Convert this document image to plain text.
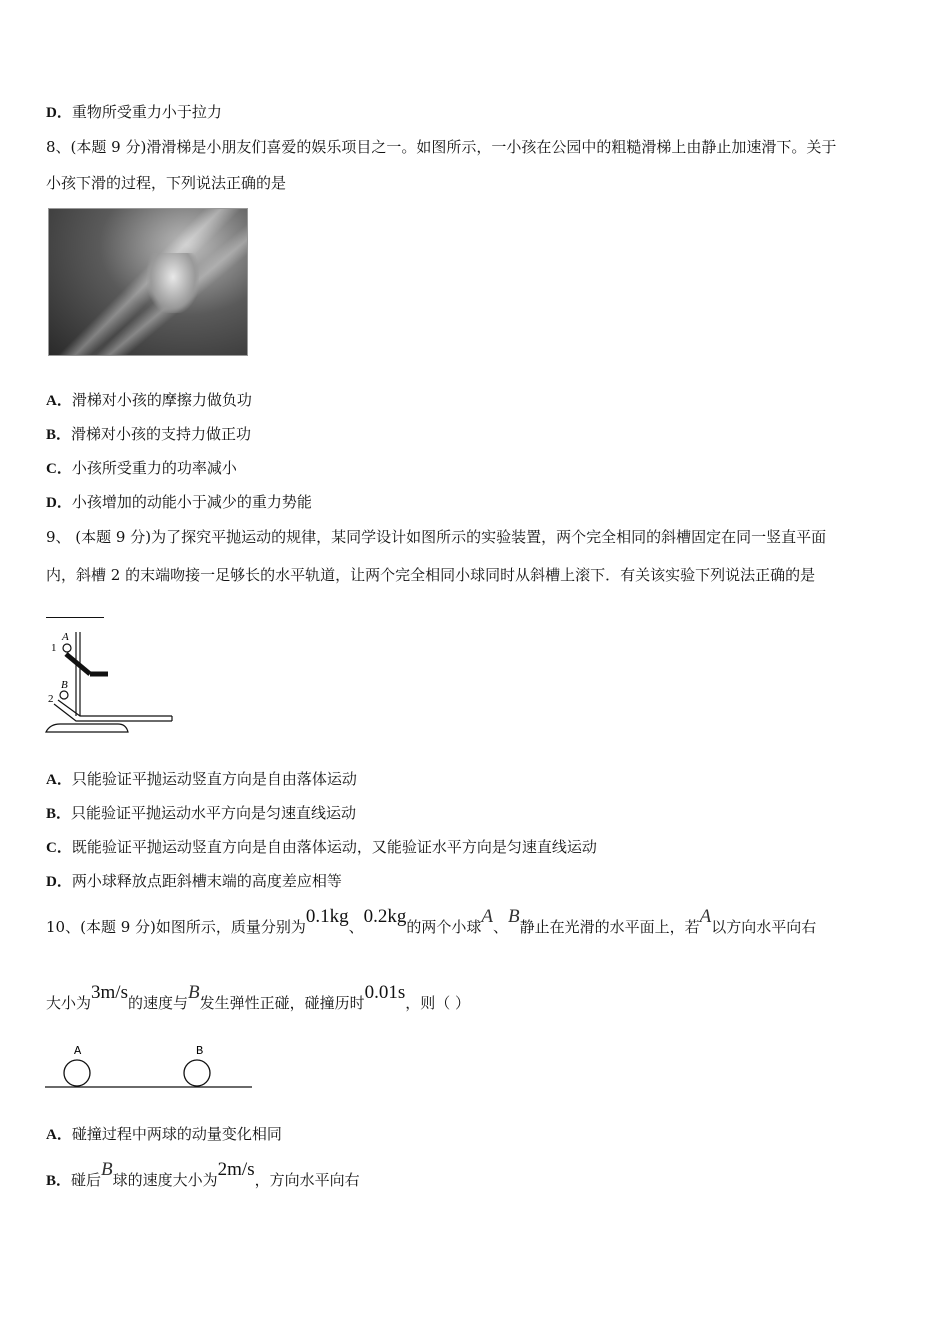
D．重物所受重力小于拉力
8、(本题 9 分)滑滑梯是小朋友们喜爱的娱乐项目之一。如图所示，一小孩在公园中的粗糙滑梯上由静止加速滑下。关于
小孩下滑的过程，下列说法正确的是
A．滑梯对小孩的摩擦力做负功
B．滑梯对小孩的支持力做正功
C．小孩所受重力的功率减小
D．小孩增加的动能小于减少的重力势能
9、 (本题 9 分)为了探究平抛运动的规律，某同学设计如图所示的实验装置，两个完全相同的斜槽固定在同一竖直平面
内，斜槽 2 的末端吻接一足够长的水平轨道，让两个完全相同小球同时从斜槽上滚下．有关该实验下列说法正确的是
A
1
B
2
A．只能验证平抛运动竖直方向是自由落体运动
B．只能验证平抛运动水平方向是匀速直线运动
C．既能验证平抛运动竖直方向是自由落体运动，又能验证水平方向是匀速直线运动
D．两小球释放点距斜槽末端的高度差应相等
10、(本题 9 分)如图所示，质量分别为0.1kg、0.2kg的两个小球A、B静止在光滑的水平面上，若A以方向水平向右
大小为3m/s的速度与B发生弹性正碰，碰撞历时0.01s，则（ ）
A	B
A．碰撞过程中两球的动量变化相同
B．碰后B球的速度大小为2m/s，方向水平向右
